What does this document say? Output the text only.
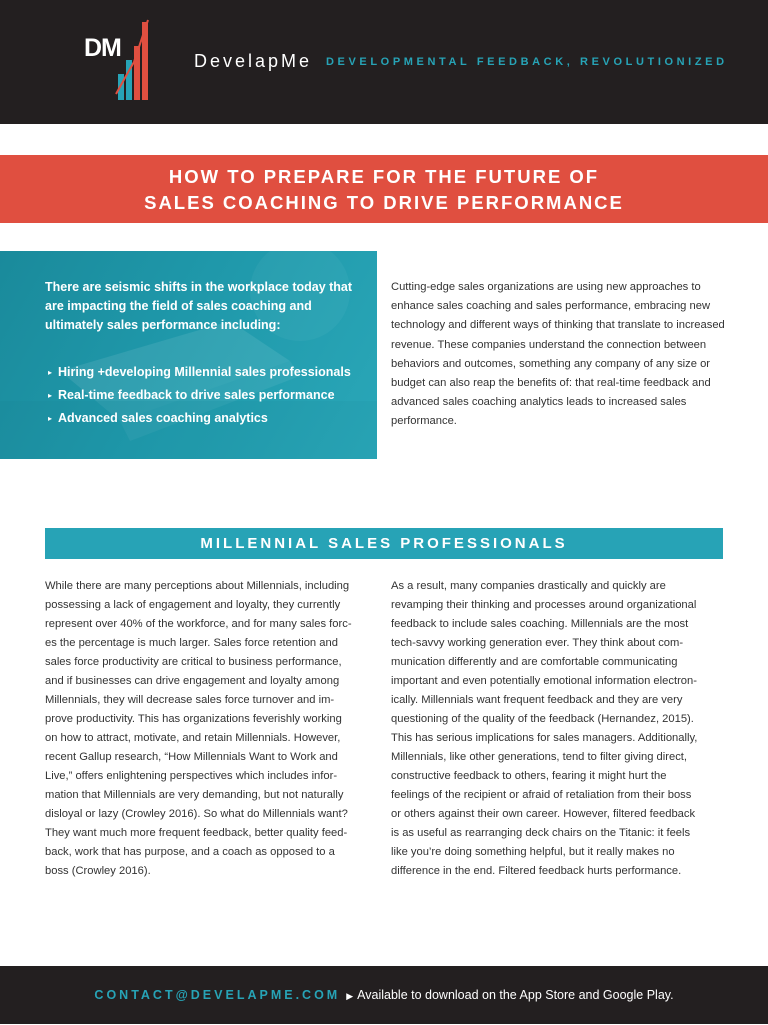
DM	DevelapMe DEVELOPMENTAL FEEDBACK, REVOLUTIONIZED
HOW TO PREPARE FOR THE FUTURE OF
SALES COACHING TO DRIVE PERFORMANCE
There are seismic shifts in the workplace today that are impacting the field of sales coaching and ultimately sales performance including:
▸ Hiring +developing Millennial sales professionals
▸ Real-time feedback to drive sales performance
▸ Advanced sales coaching analytics
Cutting-edge sales organizations are using new approaches to enhance sales coaching and sales performance, embracing new technology and different ways of thinking that translate to increased revenue. These companies understand the connection between behaviors and outcomes, something any company of any size or budget can also reap the benefits of: that real-time feedback and advanced sales coaching analytics leads to increased sales performance.
MILLENNIAL SALES PROFESSIONALS

While there are many perceptions about Millennials, including
possessing a lack of engagement and loyalty, they currently
represent over 40% of the workforce, and for many sales forc-
es the percentage is much larger. Sales force retention and
sales force productivity are critical to business performance,
and if businesses can drive engagement and loyalty among
Millennials, they will decrease sales force turnover and im-
prove productivity. This has organizations feverishly working
on how to attract, motivate, and retain Millennials. However,
recent Gallup research, “How Millennials Want to Work and
Live,” offers enlightening perspectives which includes infor-
mation that Millennials are very demanding, but not naturally
disloyal or lazy (Crowley 2016). So what do Millennials want?
They want much more frequent feedback, better quality feed-
back, work that has purpose, and a coach as opposed to a
boss (Crowley 2016).

As a result, many companies drastically and quickly are
revamping their thinking and processes around organizational
feedback to include sales coaching. Millennials are the most
tech-savvy working generation ever. They think about com-
munication differently and are comfortable communicating
important and even potentially emotional information electron-
ically. Millennials want frequent feedback and they are very
questioning of the quality of the feedback (Hernandez, 2015).
This has serious implications for sales managers. Additionally,
Millennials, like other generations, tend to filter giving direct,
constructive feedback to others, fearing it might hurt the
feelings of the recipient or afraid of retaliation from their boss
or others against their own career. However, filtered feedback
is as useful as rearranging deck chairs on the Titanic: it feels
like you’re doing something helpful, but it really makes no
difference in the end. Filtered feedback hurts performance.

CONTACT@DEVELAPME.COM ▶ Available to download on the App Store and Google Play.
